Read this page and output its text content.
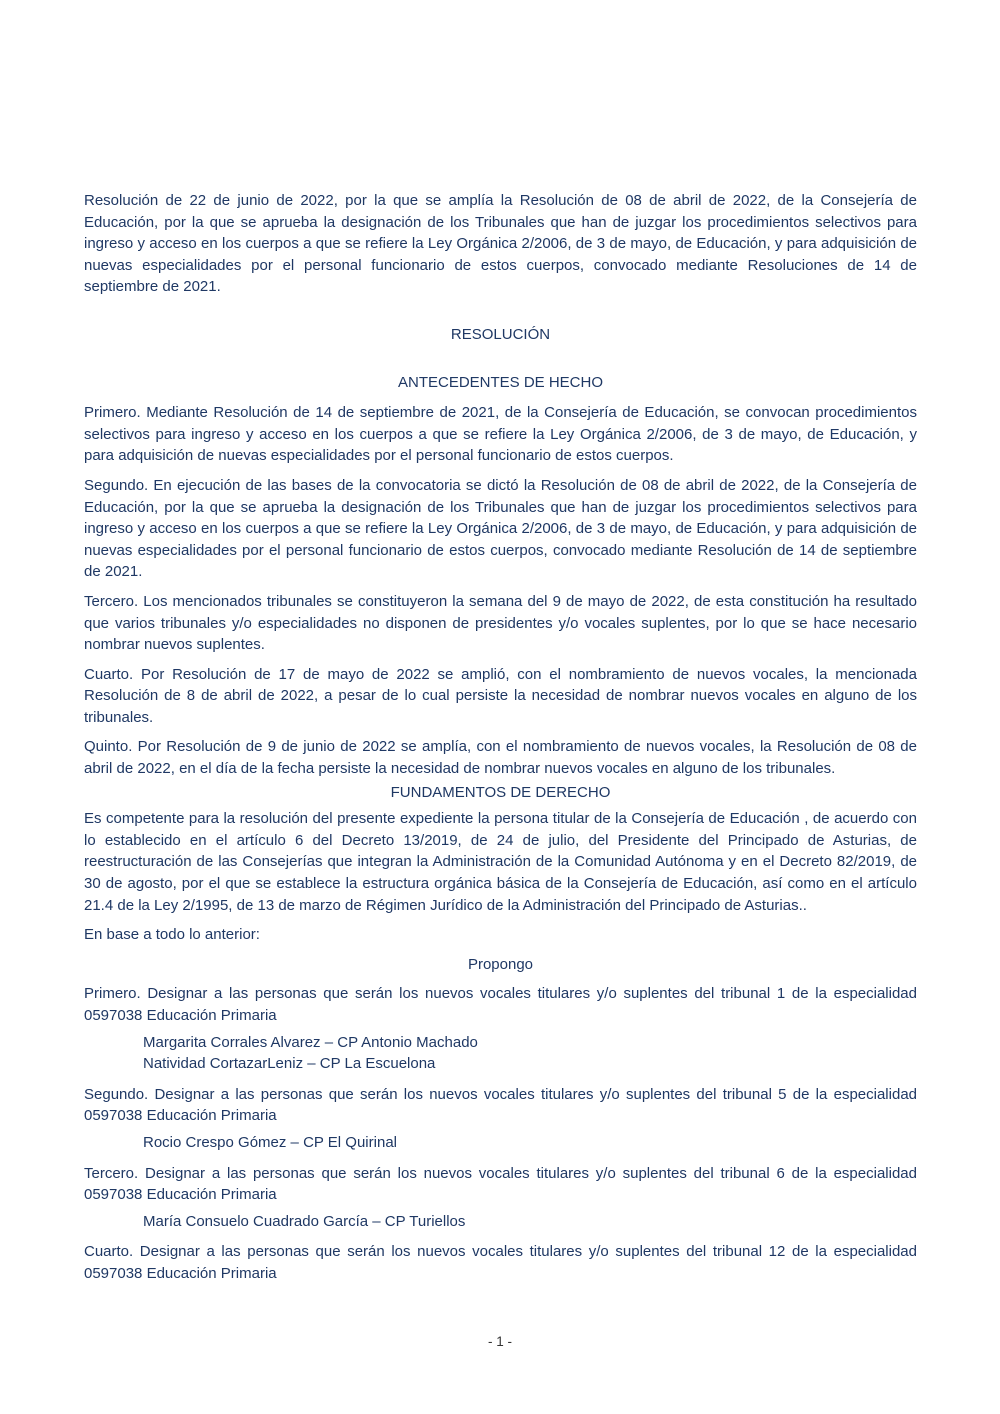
Resolución de 22 de junio de 2022, por la que se amplía la Resolución de 08 de abril de 2022, de la Consejería de Educación, por la que se aprueba la designación de los Tribunales que han de juzgar los procedimientos selectivos para ingreso y acceso en los cuerpos a que se refiere la Ley Orgánica 2/2006, de 3 de mayo, de Educación, y para adquisición de nuevas especialidades por el personal funcionario de estos cuerpos, convocado mediante Resoluciones de 14 de septiembre de 2021.

RESOLUCIÓN

ANTECEDENTES DE HECHO

Primero. Mediante Resolución de 14 de septiembre de 2021, de la Consejería de Educación, se convocan procedimientos selectivos para ingreso y acceso en los cuerpos a que se refiere la Ley Orgánica 2/2006, de 3 de mayo, de Educación, y para adquisición de nuevas especialidades por el personal funcionario de estos cuerpos.

Segundo. En ejecución de las bases de la convocatoria se dictó la Resolución de 08 de abril de 2022, de la Consejería de Educación, por la que se aprueba la designación de los Tribunales que han de juzgar los procedimientos selectivos para ingreso y acceso en los cuerpos a que se refiere la Ley Orgánica 2/2006, de 3 de mayo, de Educación, y para adquisición de nuevas especialidades por el personal funcionario de estos cuerpos, convocado mediante Resolución de 14 de septiembre de 2021.

Tercero. Los mencionados tribunales se constituyeron la semana del 9 de mayo de 2022, de esta constitución ha resultado que varios tribunales y/o especialidades no disponen de presidentes y/o vocales suplentes, por lo que se hace necesario nombrar nuevos suplentes.

Cuarto. Por Resolución de 17 de mayo de 2022 se amplió, con el nombramiento de nuevos vocales, la mencionada Resolución de 8 de abril de 2022, a pesar de lo cual persiste la necesidad de nombrar nuevos vocales en alguno de los tribunales.

Quinto. Por Resolución de 9 de junio de 2022 se amplía, con el nombramiento de nuevos vocales, la Resolución de 08 de abril de 2022, en el día de la fecha persiste la necesidad de nombrar nuevos vocales en alguno de los tribunales.

FUNDAMENTOS DE DERECHO

Es competente para la resolución del presente expediente la persona titular de la Consejería de Educación , de acuerdo con lo establecido en el artículo 6 del Decreto 13/2019, de 24 de julio, del Presidente del Principado de Asturias, de reestructuración de las Consejerías que integran la Administración de la Comunidad Autónoma y en el Decreto 82/2019, de 30 de agosto, por el que se establece la estructura orgánica básica de la Consejería de Educación, así como en el artículo 21.4 de la Ley 2/1995, de 13 de marzo de Régimen Jurídico de la Administración del Principado de Asturias..

En base a todo lo anterior:

Propongo

Primero. Designar a las personas que serán los nuevos vocales titulares y/o suplentes del tribunal 1 de la especialidad 0597038 Educación Primaria

Margarita Corrales Alvarez – CP Antonio Machado

Natividad CortazarLeniz – CP La Escuelona

Segundo. Designar a las personas que serán los nuevos vocales titulares y/o suplentes del tribunal 5 de la especialidad 0597038 Educación Primaria

Rocio Crespo Gómez – CP El Quirinal

Tercero. Designar a las personas que serán los nuevos vocales titulares y/o suplentes del tribunal 6 de la especialidad 0597038 Educación Primaria

María Consuelo Cuadrado García – CP Turiellos

Cuarto. Designar a las personas que serán los nuevos vocales titulares y/o suplentes del tribunal 12 de la especialidad 0597038 Educación Primaria

- 1 -
